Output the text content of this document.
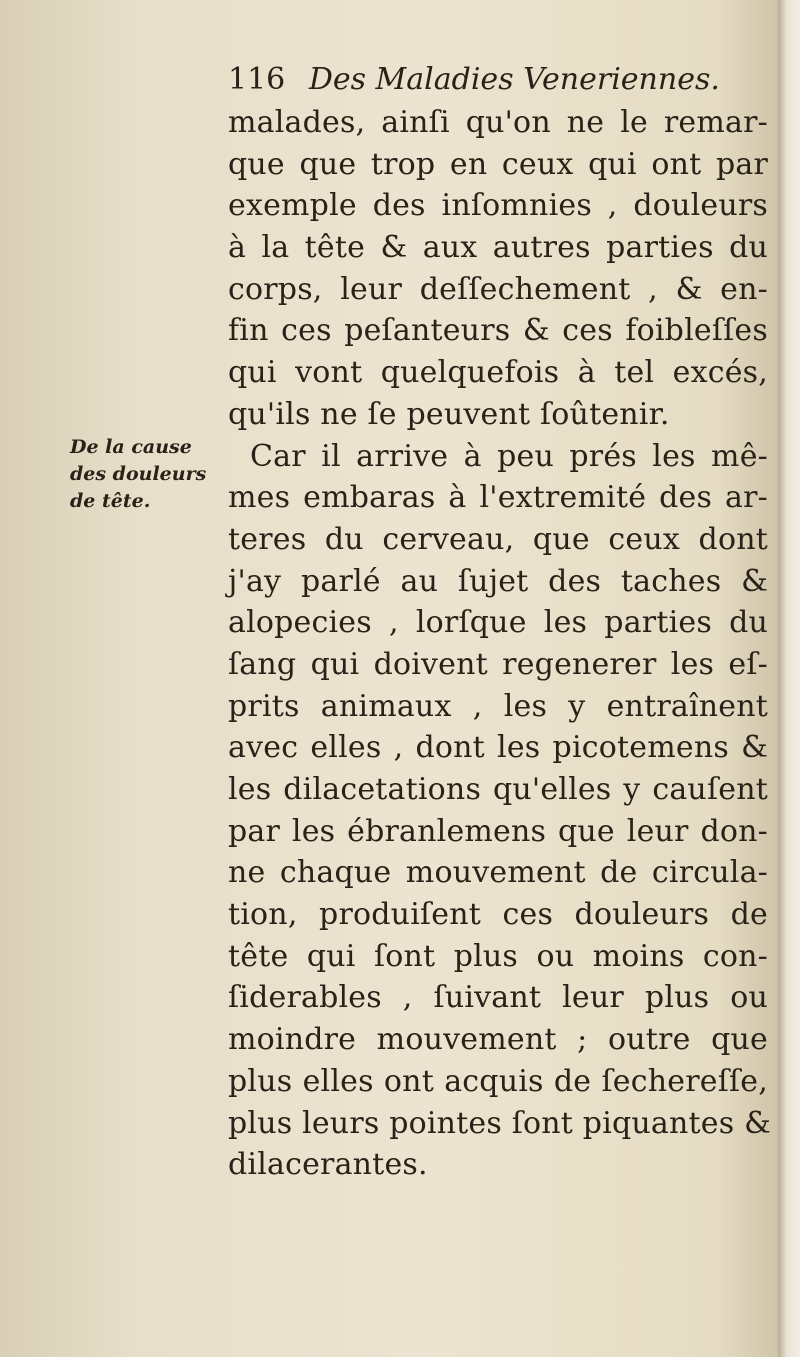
116 Des Maladies Veneriennes.
De la cause
des douleurs
de tête.
malades, ainſi qu'on ne le remar-
que que trop en ceux qui ont par
exemple des inſomnies , douleurs
à la tête & aux autres parties du
corps, leur deſſechement , & en-
fin ces peſanteurs & ces foibleſſes
qui vont quelquefois à tel excés,
qu'ils ne ſe peuvent ſoûtenir.
Car il arrive à peu prés les mê-
mes embaras à l'extremité des ar-
teres du cerveau, que ceux dont
j'ay parlé au ſujet des taches &
alopecies , lorſque les parties du
ſang qui doivent regenerer les eſ-
prits animaux , les y entraînent
avec elles , dont les picotemens &
les dilacetations qu'elles y cauſent
par les ébranlemens que leur don-
ne chaque mouvement de circula-
tion, produiſent ces douleurs de
tête qui ſont plus ou moins con-
ſiderables , ſuivant leur plus ou
moindre mouvement ; outre que
plus elles ont acquis de ſechereſſe,
plus leurs pointes ſont piquantes &
dilacerantes.
